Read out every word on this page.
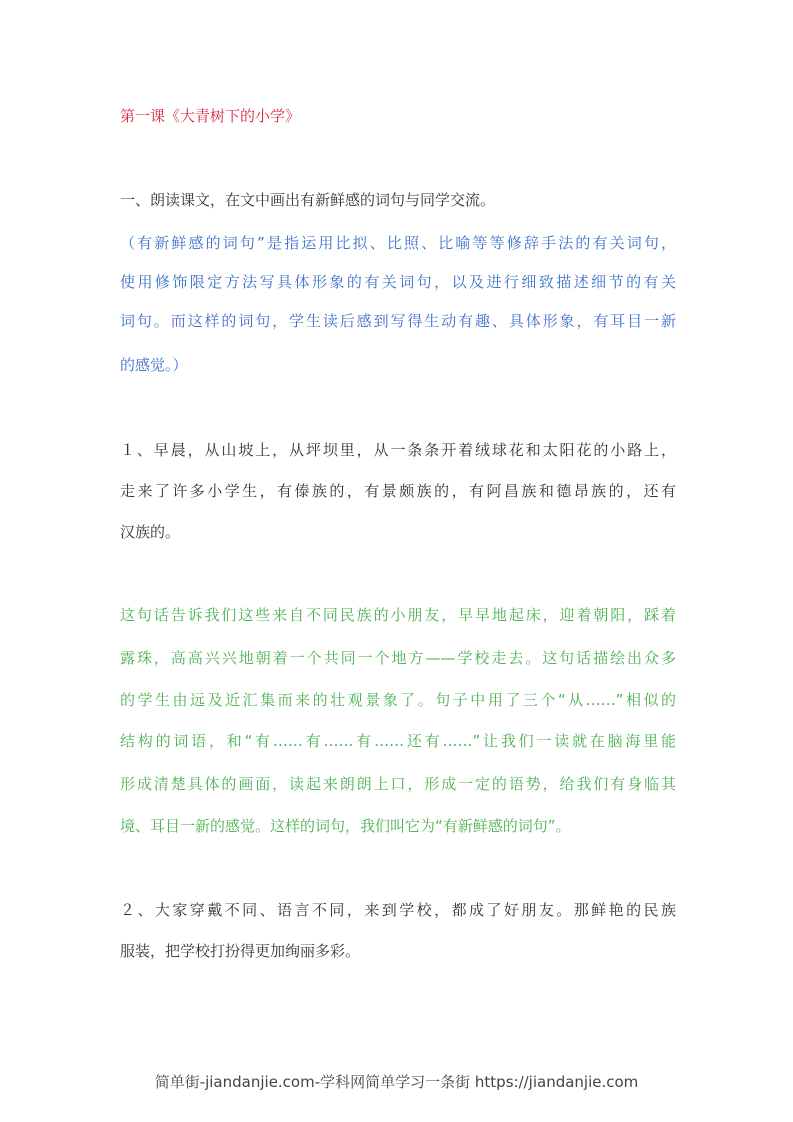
第一课《大青树下的小学》
一、朗读课文，在文中画出有新鲜感的词句与同学交流。
（有新鲜感的词句”是指运用比拟、比照、比喻等等修辞手法的有关词句，
使用修饰限定方法写具体形象的有关词句，以及进行细致描述细节的有关
词句。而这样的词句，学生读后感到写得生动有趣、具体形象，有耳目一新
的感觉。）
１、早晨，从山坡上，从坪坝里，从一条条开着绒球花和太阳花的小路上，
走来了许多小学生，有傣族的，有景颇族的，有阿昌族和德昂族的，还有
汉族的。
这句话告诉我们这些来自不同民族的小朋友，早早地起床，迎着朝阳，踩着
露珠，高高兴兴地朝着一个共同一个地方——学校走去。这句话描绘出众多
的学生由远及近汇集而来的壮观景象了。句子中用了三个“从……”相似的
结构的词语，和“有……有……有……还有……”让我们一读就在脑海里能
形成清楚具体的画面，读起来朗朗上口，形成一定的语势，给我们有身临其
境、耳目一新的感觉。这样的词句，我们叫它为“有新鲜感的词句”。
２、大家穿戴不同、语言不同，来到学校，都成了好朋友。那鲜艳的民族
服装，把学校打扮得更加绚丽多彩。
简单街-jiandanjie.com-学科网简单学习一条街 https://jiandanjie.com
